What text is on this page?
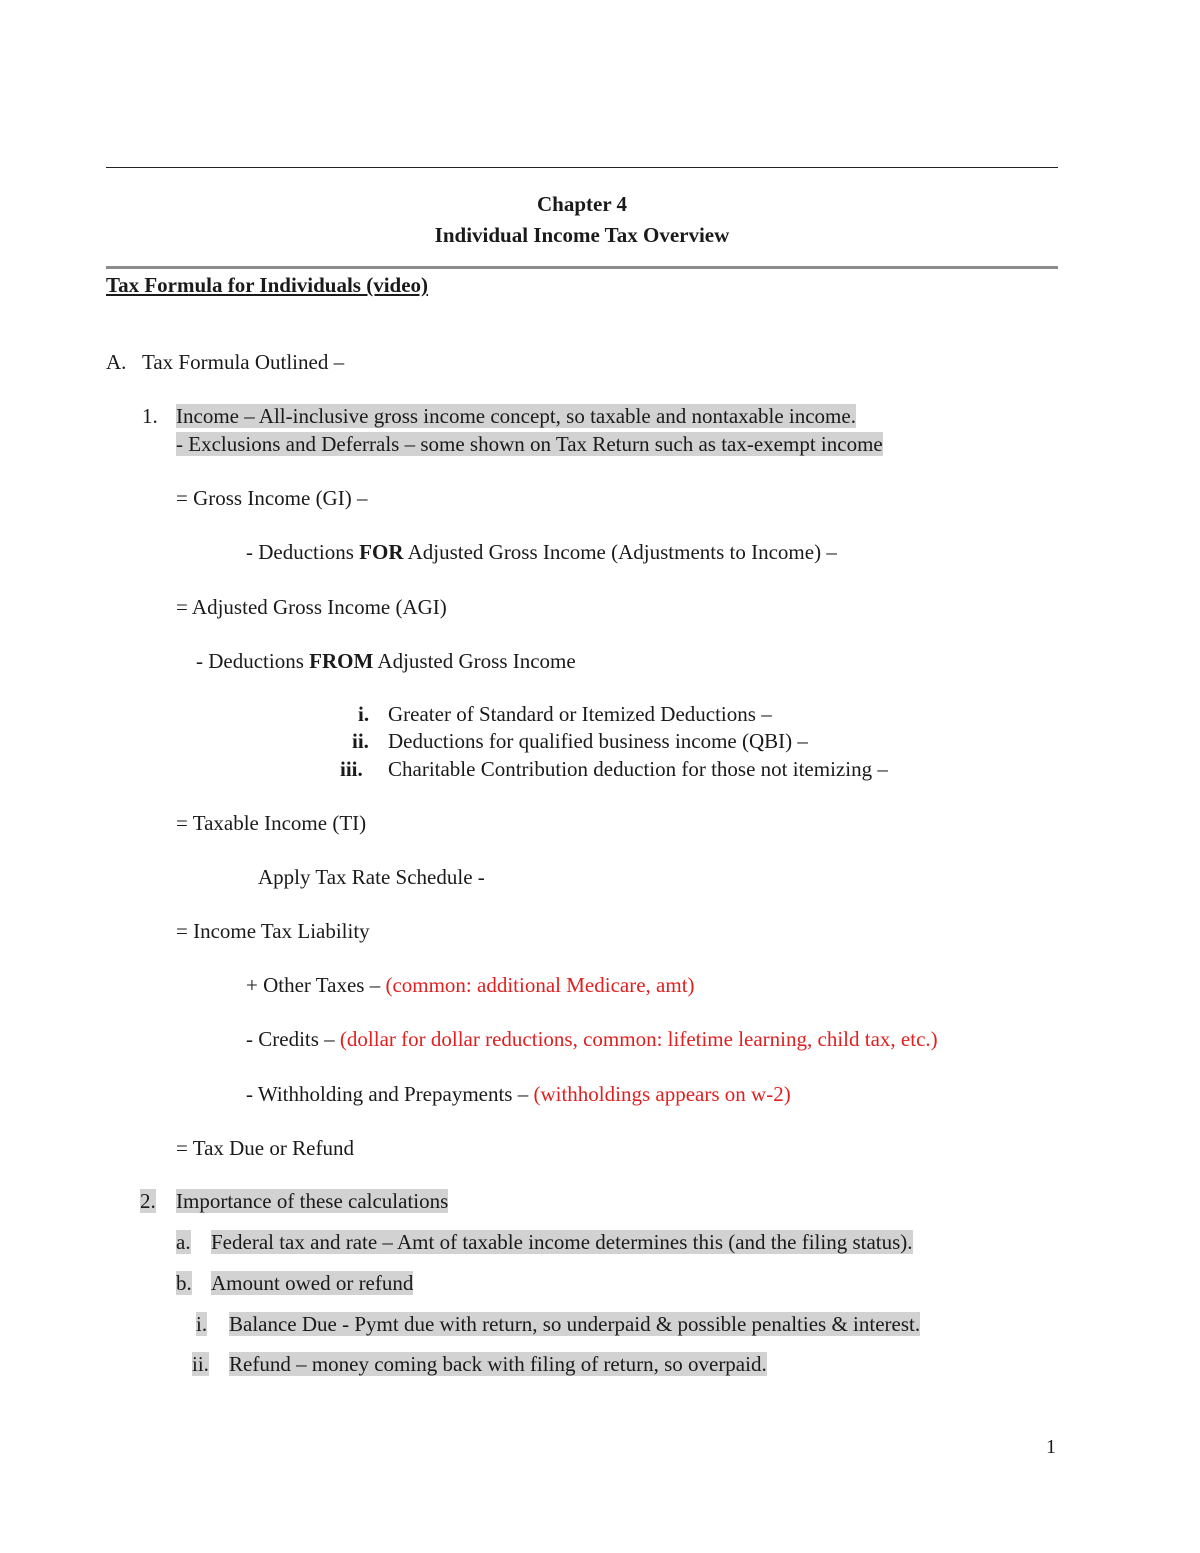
Chapter 4
Individual Income Tax Overview
Tax Formula for Individuals (video)
A. Tax Formula Outlined –
1. Income – All-inclusive gross income concept, so taxable and nontaxable income.
- Exclusions and Deferrals – some shown on Tax Return such as tax-exempt income
= Gross Income (GI) –
- Deductions FOR Adjusted Gross Income (Adjustments to Income) –
= Adjusted Gross Income (AGI)
- Deductions FROM Adjusted Gross Income
i. Greater of Standard or Itemized Deductions –
ii. Deductions for qualified business income (QBI) –
iii. Charitable Contribution deduction for those not itemizing –
= Taxable Income (TI)
Apply Tax Rate Schedule -
= Income Tax Liability
+ Other Taxes – (common: additional Medicare, amt)
- Credits – (dollar for dollar reductions, common: lifetime learning, child tax, etc.)
- Withholding and Prepayments – (withholdings appears on w-2)
= Tax Due or Refund
2. Importance of these calculations
a. Federal tax and rate – Amt of taxable income determines this (and the filing status).
b. Amount owed or refund
i. Balance Due - Pymt due with return, so underpaid & possible penalties & interest.
ii. Refund – money coming back with filing of return, so overpaid.
1
